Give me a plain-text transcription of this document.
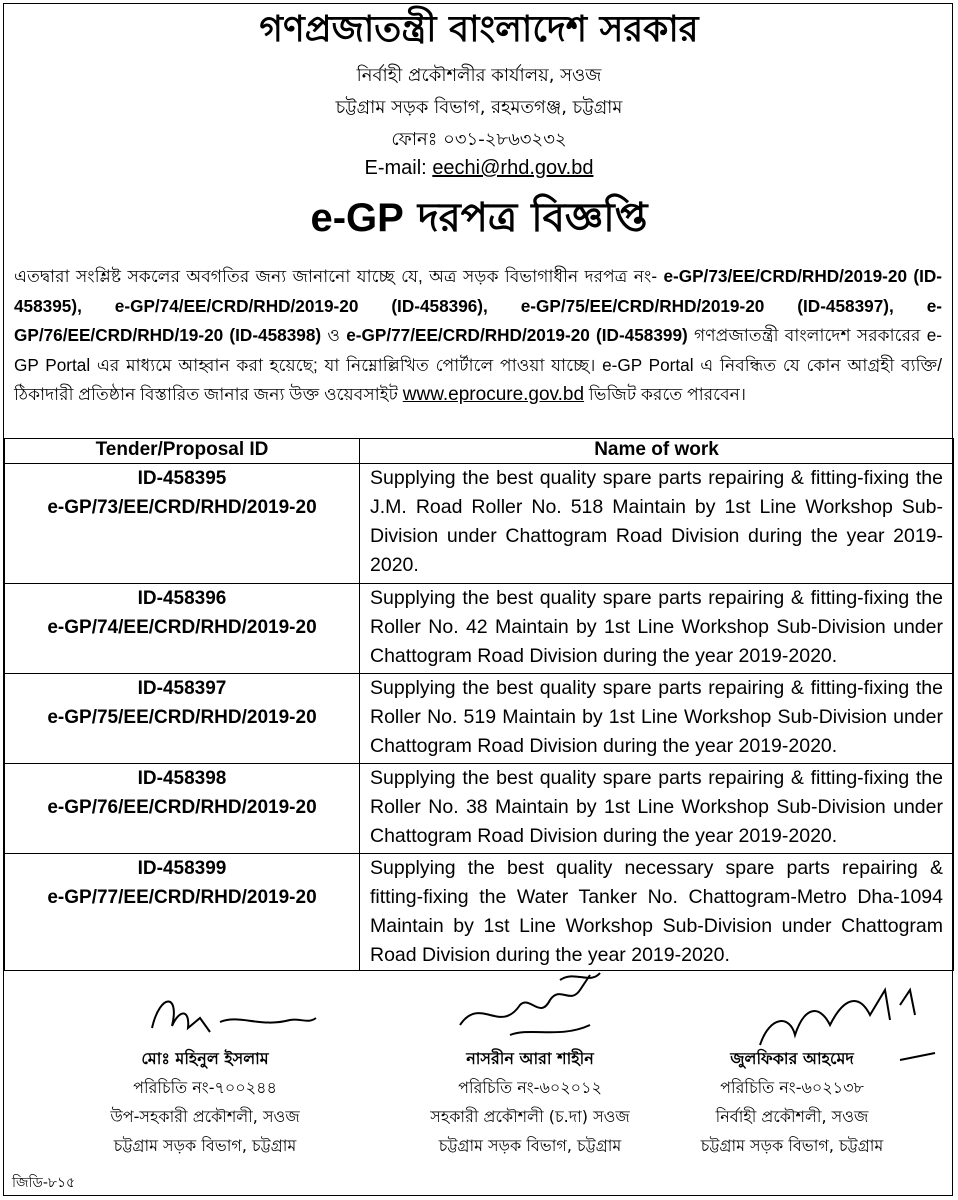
গণপ্রজাতন্ত্রী বাংলাদেশ সরকার
নির্বাহী প্রকৌশলীর কার্যালয়, সওজ
চট্টগ্রাম সড়ক বিভাগ, রহমতগঞ্জ, চট্টগ্রাম
ফোনঃ ০৩১-২৮৬৩২৩২
E-mail: eechi@rhd.gov.bd
e-GP দরপত্র বিজ্ঞপ্তি
এতদ্বারা সংশ্লিষ্ট সকলের অবগতির জন্য জানানো যাচ্ছে যে, অত্র সড়ক বিভাগাধীন দরপত্র নং- e-GP/73/EE/CRD/RHD/2019-20 (ID-458395), e-GP/74/EE/CRD/RHD/2019-20 (ID-458396), e-GP/75/EE/CRD/RHD/2019-20 (ID-458397), e-GP/76/EE/CRD/RHD/19-20 (ID-458398) ও e-GP/77/EE/CRD/RHD/2019-20 (ID-458399) গণপ্রজাতন্ত্রী বাংলাদেশ সরকারের e-GP Portal এর মাধ্যমে আহ্বান করা হয়েছে; যা নিম্নোল্লিখিত পোর্টালে পাওয়া যাচ্ছে। e-GP Portal এ নিবন্ধিত যে কোন আগ্রহী ব্যক্তি/ঠিকাদারী প্রতিষ্ঠান বিস্তারিত জানার জন্য উক্ত ওয়েবসাইট www.eprocure.gov.bd ভিজিট করতে পারবেন।
Tender/Proposal ID	Name of work

ID-458395
e-GP/73/EE/CRD/RHD/2019-20	Supplying the best quality spare parts repairing & fitting-fixing the J.M. Road Roller No. 518 Maintain by 1st Line Workshop Sub-Division under Chattogram Road Division during the year 2019-2020.

ID-458396
e-GP/74/EE/CRD/RHD/2019-20	Supplying the best quality spare parts repairing & fitting-fixing the Roller No. 42 Maintain by 1st Line Workshop Sub-Division under Chattogram Road Division during the year 2019-2020.

ID-458397
e-GP/75/EE/CRD/RHD/2019-20	Supplying the best quality spare parts repairing & fitting-fixing the Roller No. 519 Maintain by 1st Line Workshop Sub-Division under Chattogram Road Division during the year 2019-2020.

ID-458398
e-GP/76/EE/CRD/RHD/2019-20	Supplying the best quality spare parts repairing & fitting-fixing the Roller No. 38 Maintain by 1st Line Workshop Sub-Division under Chattogram Road Division during the year 2019-2020.

ID-458399
e-GP/77/EE/CRD/RHD/2019-20	Supplying the best quality necessary spare parts repairing & fitting-fixing the Water Tanker No. Chattogram-Metro Dha-1094 Maintain by 1st Line Workshop Sub-Division under Chattogram Road Division during the year 2019-2020.
মোঃ মহিনুল ইসলাম
পরিচিতি নং-৭০০২৪৪
উপ-সহকারী প্রকৌশলী, সওজ
চট্টগ্রাম সড়ক বিভাগ, চট্টগ্রাম
নাসরীন আরা শাহীন
পরিচিতি নং-৬০২০১২
সহকারী প্রকৌশলী (চ.দা) সওজ
চট্টগ্রাম সড়ক বিভাগ, চট্টগ্রাম
জুলফিকার আহমেদ
পরিচিতি নং-৬০২১৩৮
নির্বাহী প্রকৌশলী, সওজ
চট্টগ্রাম সড়ক বিভাগ, চট্টগ্রাম
জিডি-৮১৫
